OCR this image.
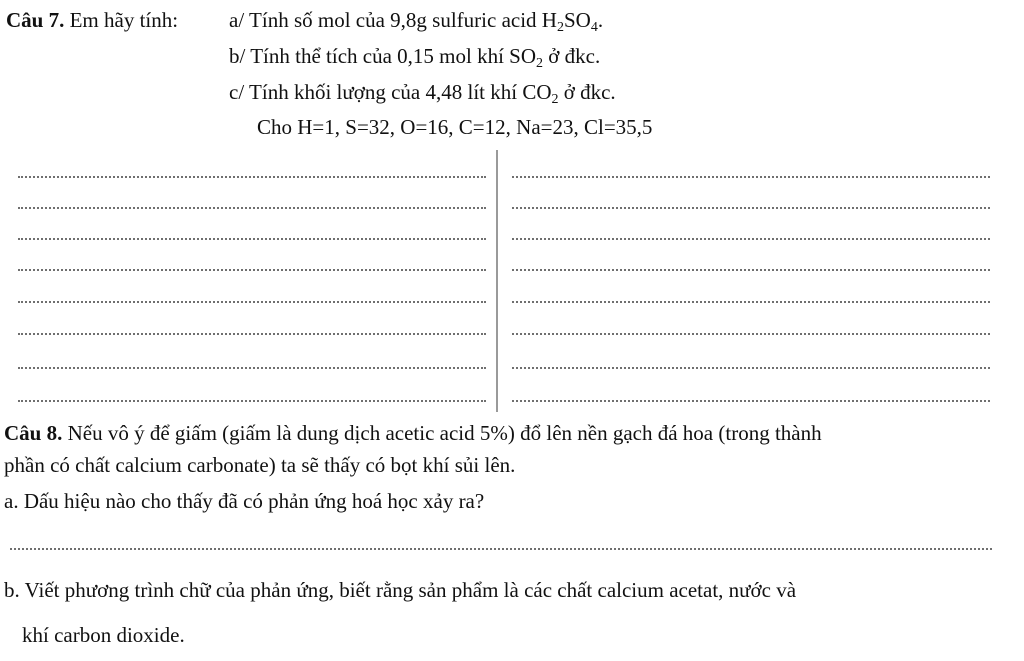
Câu 7. Em hãy tính: a/ Tính số mol của 9,8g sulfuric acid $H_2SO_4$.
b/ Tính thể tích của 0,15 mol khí $SO_2$ ở đkc.
c/ Tính khối lượng của 4,48 lít khí $CO_2$ ở đkc.
Cho H=1, S=32, O=16, C=12, Na=23, Cl=35,5
Câu 8. Nếu vô ý để giấm (giấm là dung dịch acetic acid 5%) đổ lên nền gạch đá hoa (trong thành
phần có chất calcium carbonate) ta sẽ thấy có bọt khí sủi lên.
a. Dấu hiệu nào cho thấy đã có phản ứng hoá học xảy ra?
b. Viết phương trình chữ của phản ứng, biết rằng sản phẩm là các chất calcium acetat, nước và
khí carbon dioxide.
